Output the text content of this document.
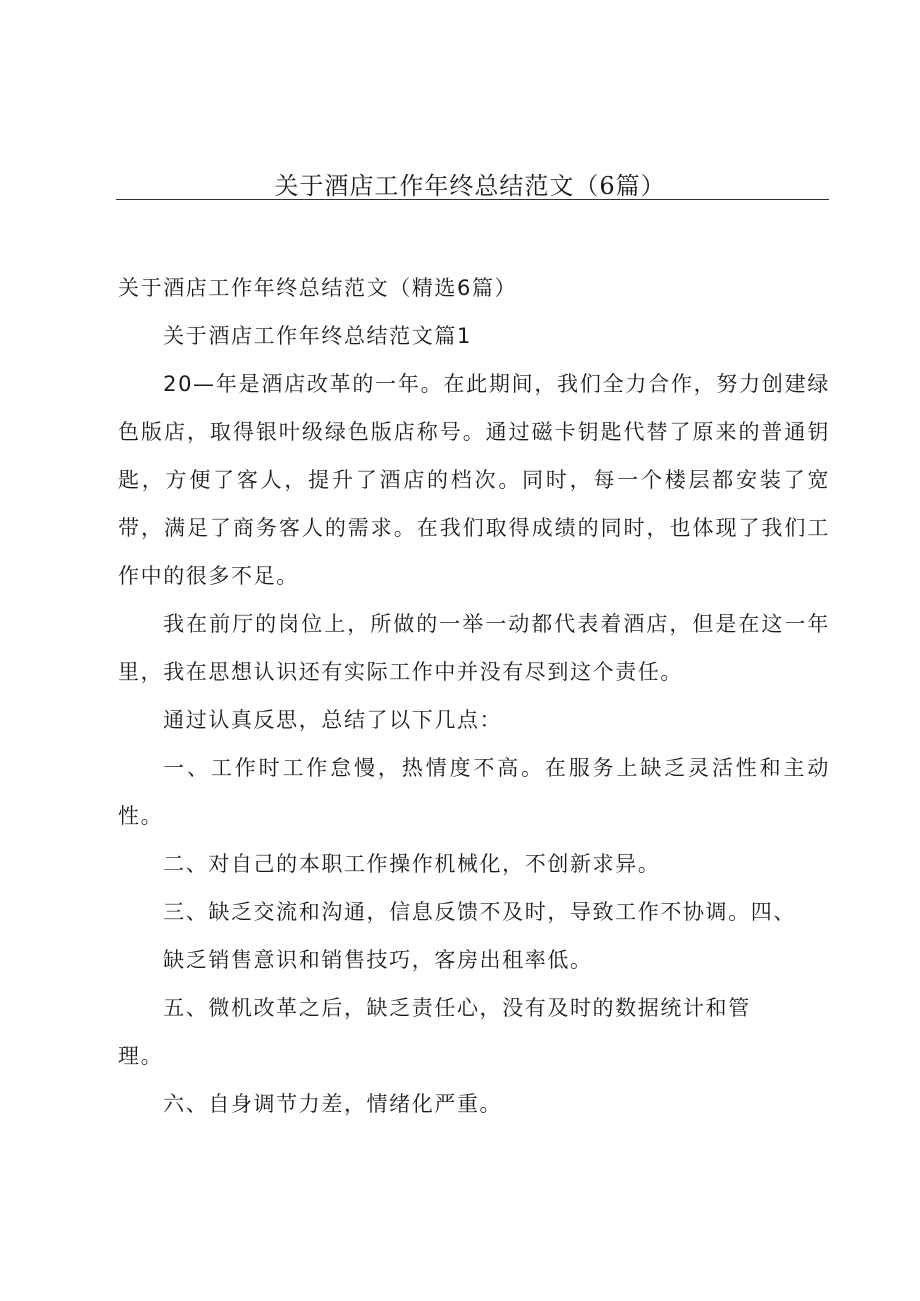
关于酒店工作年终总结范文（6篇）

关于酒店工作年终总结范文（精选6篇）

关于酒店工作年终总结范文篇1

20—年是酒店改革的一年。在此期间，我们全力合作，努力创建绿色版店，取得银叶级绿色版店称号。通过磁卡钥匙代替了原来的普通钥匙，方便了客人，提升了酒店的档次。同时，每一个楼层都安装了宽带，满足了商务客人的需求。在我们取得成绩的同时，也体现了我们工作中的很多不足。

我在前厅的岗位上，所做的一举一动都代表着酒店，但是在这一年里，我在思想认识还有实际工作中并没有尽到这个责任。

通过认真反思，总结了以下几点：

一、工作时工作怠慢，热情度不高。在服务上缺乏灵活性和主动性。

二、对自己的本职工作操作机械化，不创新求异。

三、缺乏交流和沟通，信息反馈不及时，导致工作不协调。四、

缺乏销售意识和销售技巧，客房出租率低。

五、微机改革之后，缺乏责任心，没有及时的数据统计和管

理。

六、自身调节力差，情绪化严重。
